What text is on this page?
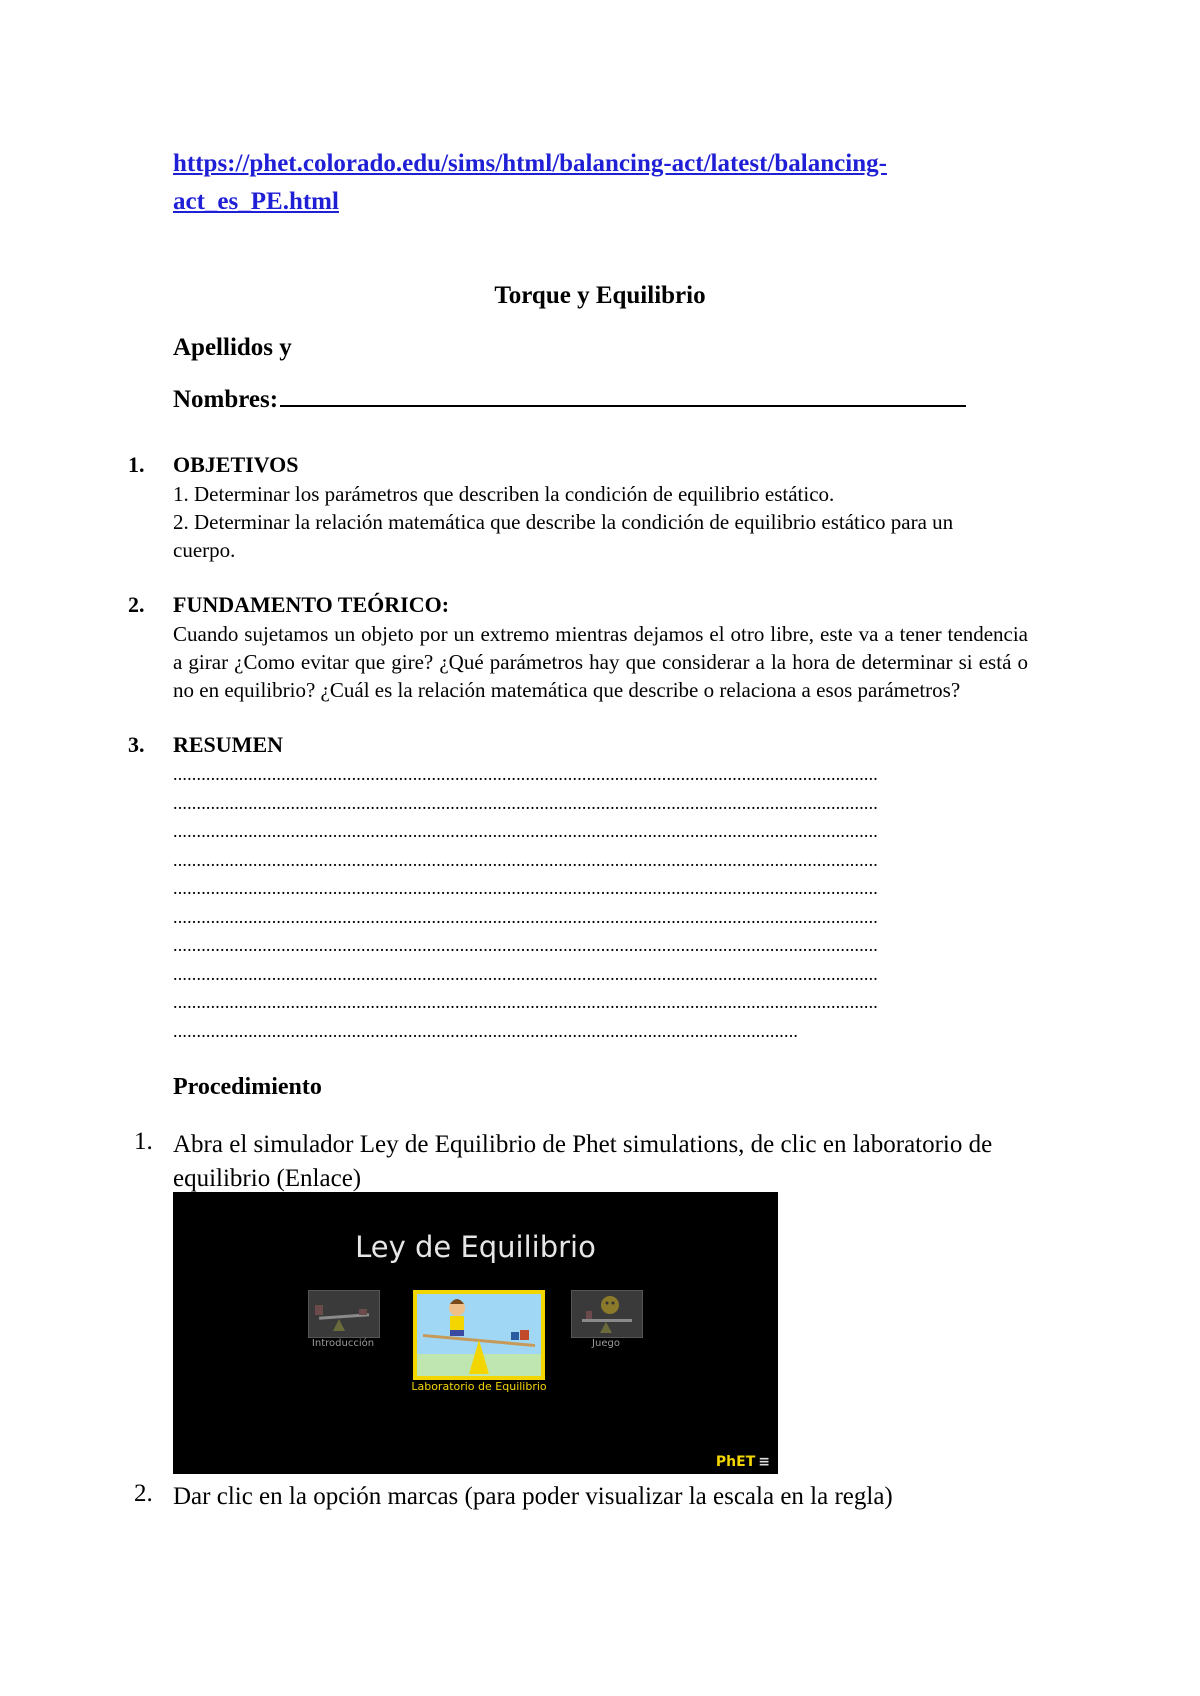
https://phet.colorado.edu/sims/html/balancing-act/latest/balancing-
act_es_PE.html
Torque y Equilibrio
Apellidos y
Nombres:
1. OBJETIVOS
1. Determinar los parámetros que describen la condición de equilibrio estático.
2. Determinar la relación matemática que describe la condición de equilibrio estático para un cuerpo.
2. FUNDAMENTO TEÓRICO:
Cuando sujetamos un objeto por un extremo mientras dejamos el otro libre, este va a tener tendencia a girar ¿Como evitar que gire? ¿Qué parámetros hay que considerar a la hora de determinar si está o no en equilibrio? ¿Cuál es la relación matemática que describe o relaciona a esos parámetros?
3. RESUMEN
......................................................................................................................................................
......................................................................................................................................................
......................................................................................................................................................
......................................................................................................................................................
......................................................................................................................................................
......................................................................................................................................................
......................................................................................................................................................
......................................................................................................................................................
......................................................................................................................................................
.....................................................................................................................................
Procedimiento
1. Abra el simulador Ley de Equilibrio de Phet simulations, de clic en laboratorio de equilibrio (Enlace)
Ley de Equilibrio
Introducción
Laboratorio de Equilibrio
Juego
PhET ≡
2. Dar clic en la opción marcas (para poder visualizar la escala en la regla)
